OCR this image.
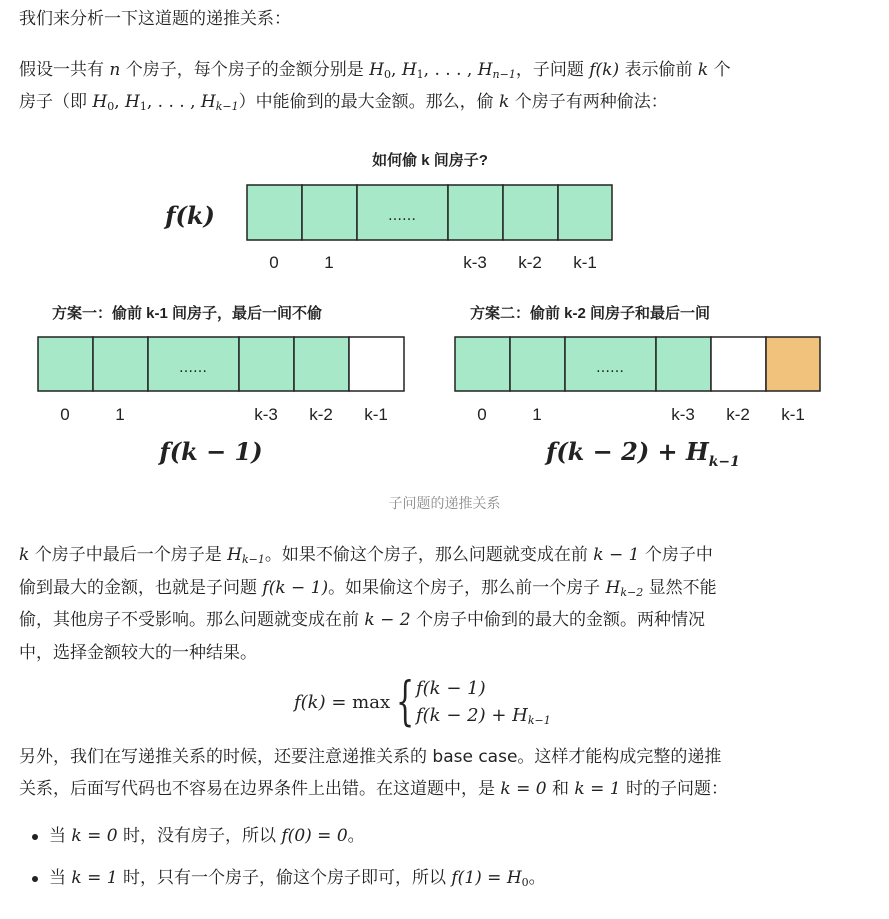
我们来分析一下这道题的递推关系：
假设一共有 n 个房子，每个房子的金额分别是 $H_0$, $H_1$, . . . , $H_{n-1}$，子问题 f(k) 表示偷前 k 个
房子（即 $H_0$, $H_1$, . . . , $H_{k-1}$）中能偷到的最大金额。那么，偷 k 个房子有两种偷法：
如何偷 k 间房子?
f(k)	……
0	1	k-3 k-2 k-1
方案一：偷前 k-1 间房子，最后一间不偷	方案二：偷前 k-2 间房子和最后一间
……
0	1	k-3 k-2 k-1
f(k − 1)
……
0	1	k-3 k-2 k-1
$f(k - 2) + H_{k-1}$
子问题的递推关系
k 个房子中最后一个房子是 $H_{k-1}$。如果不偷这个房子，那么问题就变成在前 k − 1 个房子中
偷到最大的金额，也就是子问题 f(k − 1)。如果偷这个房子，那么前一个房子 $H_{k-2}$ 显然不能
偷，其他房子不受影响。那么问题就变成在前 k − 2 个房子中偷到的最大的金额。两种情况
中，选择金额较大的一种结果。
f(k) = max { f(k − 1)
$f(k - 2) + H_{k-1}$
另外，我们在写递推关系的时候，还要注意递推关系的 base case。这样才能构成完整的递推
关系，后面写代码也不容易在边界条件上出错。在这道题中，是 k = 0 和 k = 1 时的子问题：
当 k = 0 时，没有房子，所以 f(0) = 0。
当 k = 1 时，只有一个房子，偷这个房子即可，所以 $f(1) = H_0$。
